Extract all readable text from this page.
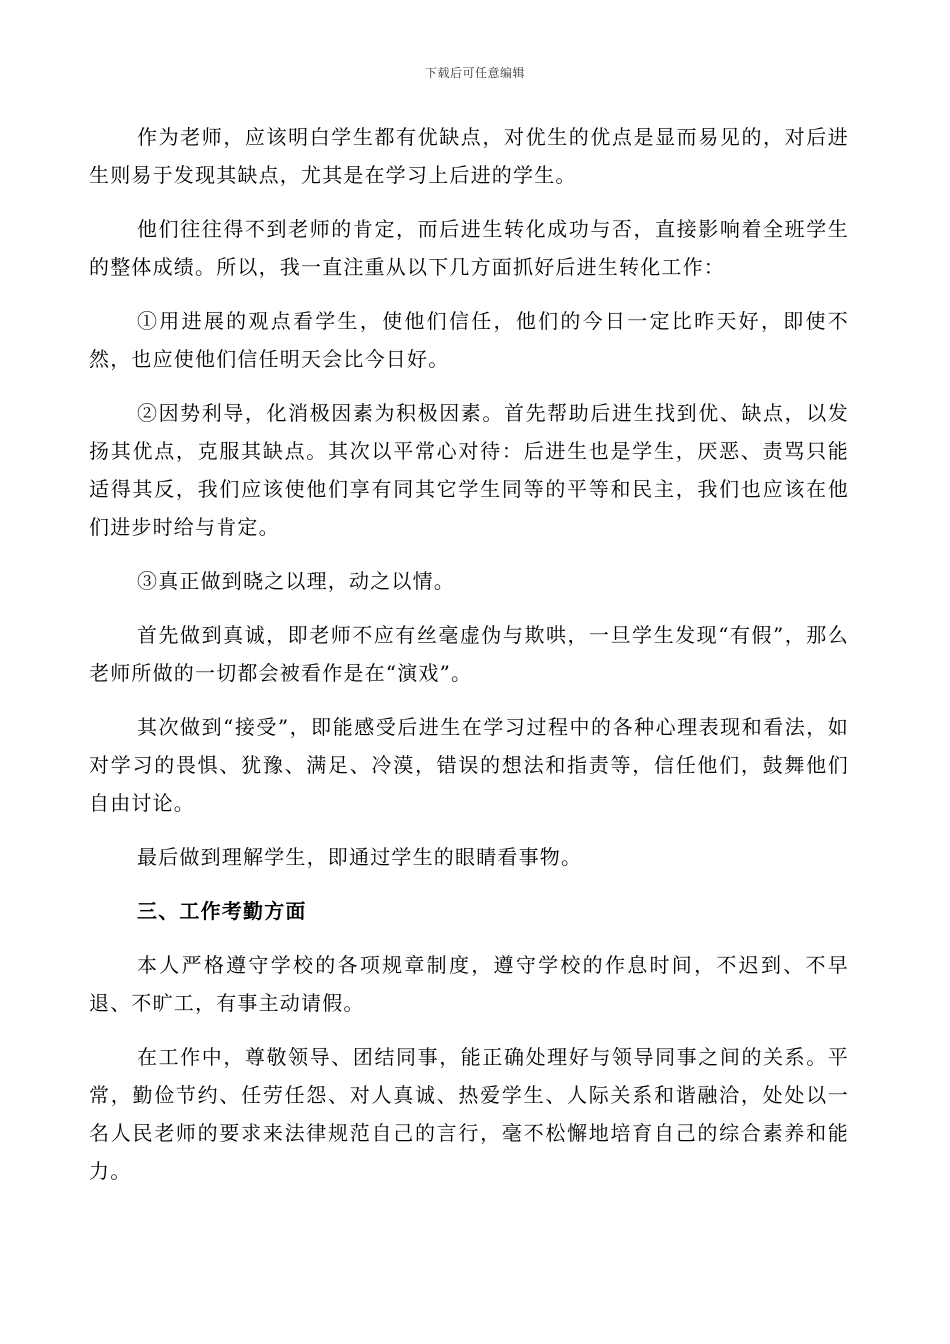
下载后可任意编辑

作为老师，应该明白学生都有优缺点，对优生的优点是显而易见的，对后进生则易于发现其缺点，尤其是在学习上后进的学生。

他们往往得不到老师的肯定，而后进生转化成功与否，直接影响着全班学生的整体成绩。所以，我一直注重从以下几方面抓好后进生转化工作：

①用进展的观点看学生，使他们信任，他们的今日一定比昨天好，即使不然，也应使他们信任明天会比今日好。

②因势利导，化消极因素为积极因素。首先帮助后进生找到优、缺点，以发扬其优点，克服其缺点。其次以平常心对待：后进生也是学生，厌恶、责骂只能适得其反，我们应该使他们享有同其它学生同等的平等和民主，我们也应该在他们进步时给与肯定。

③真正做到晓之以理，动之以情。

首先做到真诚，即老师不应有丝毫虚伪与欺哄，一旦学生发现“有假”，那么老师所做的一切都会被看作是在“演戏”。

其次做到“接受”，即能感受后进生在学习过程中的各种心理表现和看法，如对学习的畏惧、犹豫、满足、冷漠，错误的想法和指责等，信任他们，鼓舞他们自由讨论。

最后做到理解学生，即通过学生的眼睛看事物。

三、工作考勤方面

本人严格遵守学校的各项规章制度，遵守学校的作息时间，不迟到、不早退、不旷工，有事主动请假。

在工作中，尊敬领导、团结同事，能正确处理好与领导同事之间的关系。平常，勤俭节约、任劳任怨、对人真诚、热爱学生、人际关系和谐融洽，处处以一名人民老师的要求来法律规范自己的言行，毫不松懈地培育自己的综合素养和能力。
